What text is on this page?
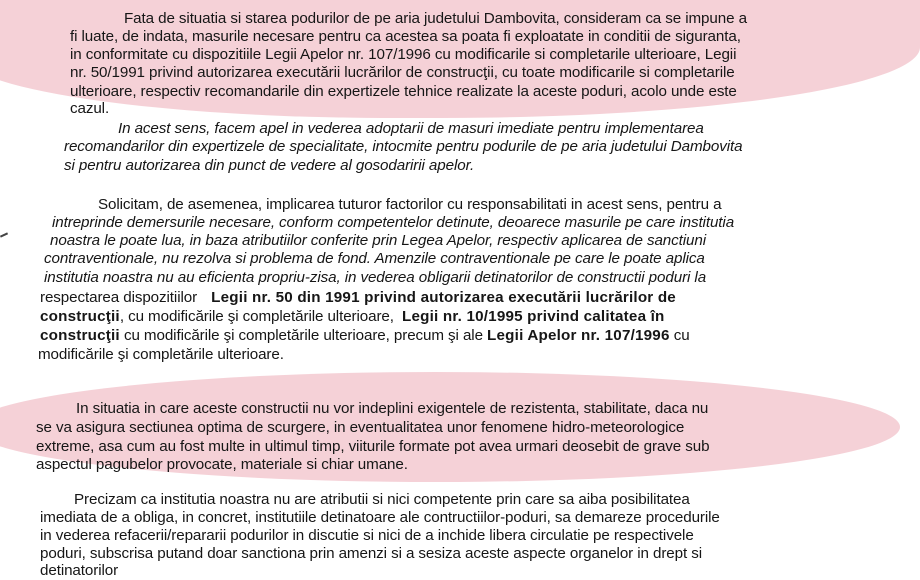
Fata de situatia si starea podurilor de pe aria judetului Dambovita, consideram ca se impune a
fi luate, de indata, masurile necesare pentru ca acestea sa poata fi exploatate in conditii de siguranta,
in conformitate cu dispozitiile Legii Apelor nr. 107/1996 cu modificarile si completarile ulterioare, Legii
nr. 50/1991 privind autorizarea executării lucrărilor de construcţii, cu toate modificarile si completarile
ulterioare, respectiv recomandarile din expertizele tehnice realizate la aceste poduri, acolo unde este
cazul.
In acest sens, facem apel in vederea adoptarii de masuri imediate pentru implementarea
recomandarilor din expertizele de specialitate, intocmite pentru podurile de pe aria judetului Dambovita
si pentru autorizarea din punct de vedere al gosodaririi apelor.
Solicitam, de asemenea, implicarea tuturor factorilor cu responsabilitati in acest sens, pentru a
intreprinde demersurile necesare, conform competentelor detinute, deoarece masurile pe care institutia
noastra le poate lua, in baza atributiilor conferite prin Legea Apelor, respectiv aplicarea de sanctiuni
contraventionale, nu rezolva si problema de fond. Amenzile contraventionale pe care le poate aplica
institutia noastra nu au eficienta propriu-zisa, in vederea obligarii detinatorilor de constructii poduri la
respectarea dispozitiilor Legii nr. 50 din 1991 privind autorizarea executării lucrărilor de
construcţii, cu modificările şi completările ulterioare, Legii nr. 10/1995 privind calitatea în
construcţii cu modificările şi completările ulterioare, precum şi ale Legii Apelor nr. 107/1996 cu
modificările şi completările ulterioare.
In situatia in care aceste constructii nu vor indeplini exigentele de rezistenta, stabilitate, daca nu
se va asigura sectiunea optima de scurgere, in eventualitatea unor fenomene hidro-meteorologice
extreme, asa cum au fost multe in ultimul timp, viiturile formate pot avea urmari deosebit de grave sub
aspectul pagubelor provocate, materiale si chiar umane.
Precizam ca institutia noastra nu are atributii si nici competente prin care sa aiba posibilitatea
imediata de a obliga, in concret, institutiile detinatoare ale contructiilor-poduri, sa demareze procedurile
in vederea refacerii/repararii podurilor in discutie si nici de a inchide libera circulatie pe respectivele
poduri, subscrisa putand doar sanctiona prin amenzi si a sesiza aceste aspecte organelor in drept si
detinatorilor
